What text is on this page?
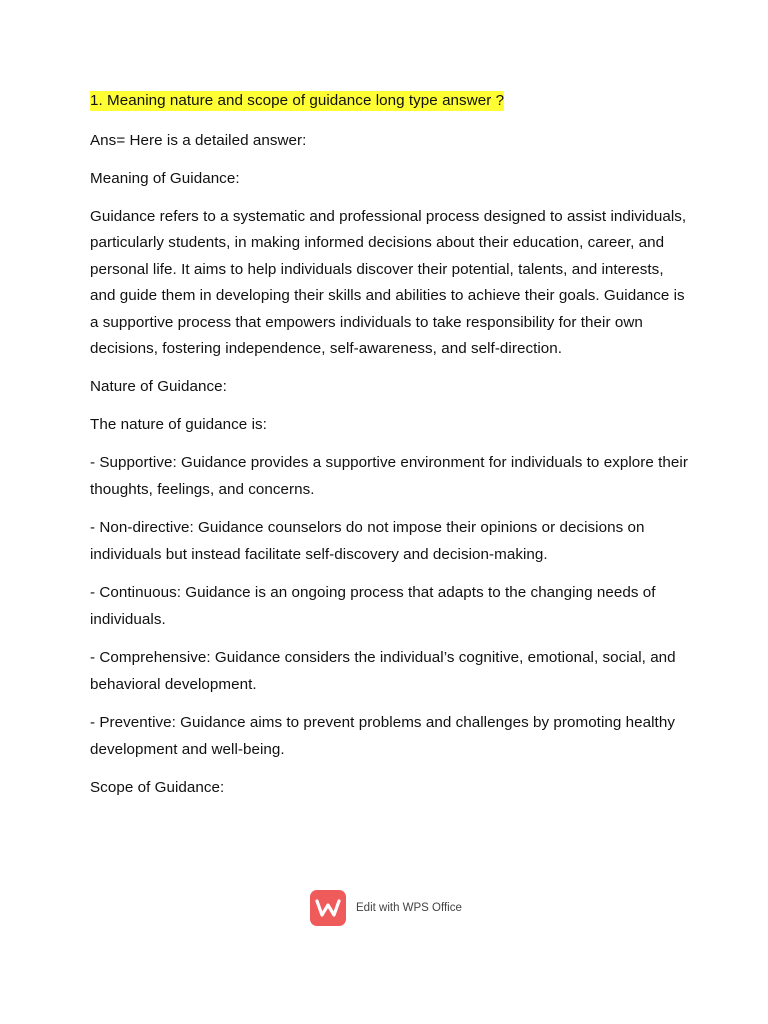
1. Meaning nature and scope of guidance long type answer ?

Ans= Here is a detailed answer:

Meaning of Guidance:

Guidance refers to a systematic and professional process designed to assist individuals, particularly students, in making informed decisions about their education, career, and personal life. It aims to help individuals discover their potential, talents, and interests, and guide them in developing their skills and abilities to achieve their goals. Guidance is a supportive process that empowers individuals to take responsibility for their own decisions, fostering independence, self-awareness, and self-direction.

Nature of Guidance:

The nature of guidance is:

- Supportive: Guidance provides a supportive environment for individuals to explore their thoughts, feelings, and concerns.

- Non-directive: Guidance counselors do not impose their opinions or decisions on individuals but instead facilitate self-discovery and decision-making.

- Continuous: Guidance is an ongoing process that adapts to the changing needs of individuals.

- Comprehensive: Guidance considers the individual’s cognitive, emotional, social, and behavioral development.

- Preventive: Guidance aims to prevent problems and challenges by promoting healthy development and well-being.

Scope of Guidance:

Edit with WPS Office
